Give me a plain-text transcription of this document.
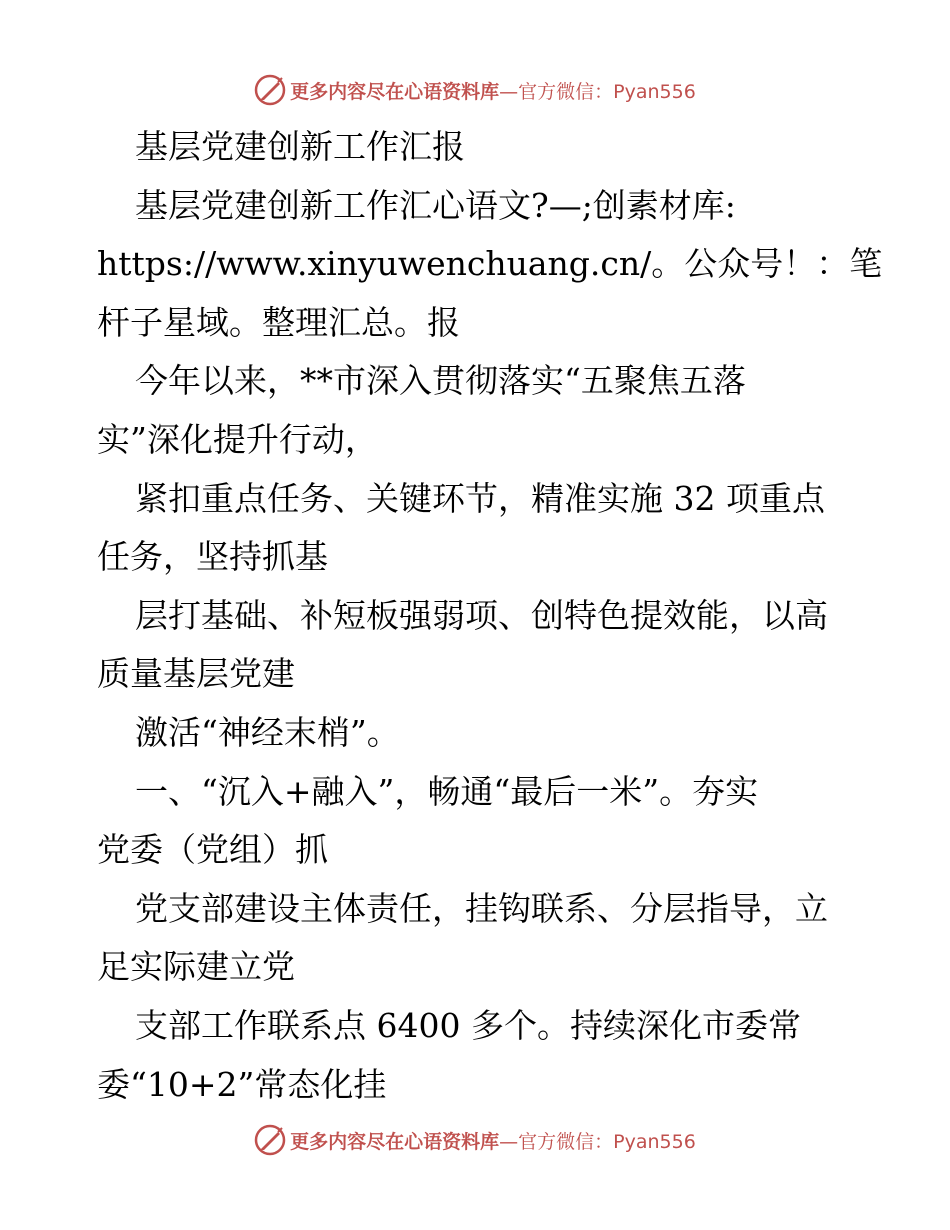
更多内容尽在心语资料库—官方微信：Pyan556
基层党建创新工作汇报
基层党建创新工作汇心语文?—;创素材库:
https://www.xinyuwenchuang.cn/。公众号！：笔
杆子星域。整理汇总。报
今年以来，**市深入贯彻落实“五聚焦五落
实”深化提升行动，
紧扣重点任务、关键环节，精准实施 32 项重点
任务，坚持抓基
层打基础、补短板强弱项、创特色提效能，以高
质量基层党建
激活“神经末梢”。
一、“沉入+融入”，畅通“最后一米”。夯实
党委（党组）抓
党支部建设主体责任，挂钩联系、分层指导，立
足实际建立党
支部工作联系点 6400 多个。持续深化市委常
委“10+2”常态化挂
更多内容尽在心语资料库—官方微信：Pyan556
